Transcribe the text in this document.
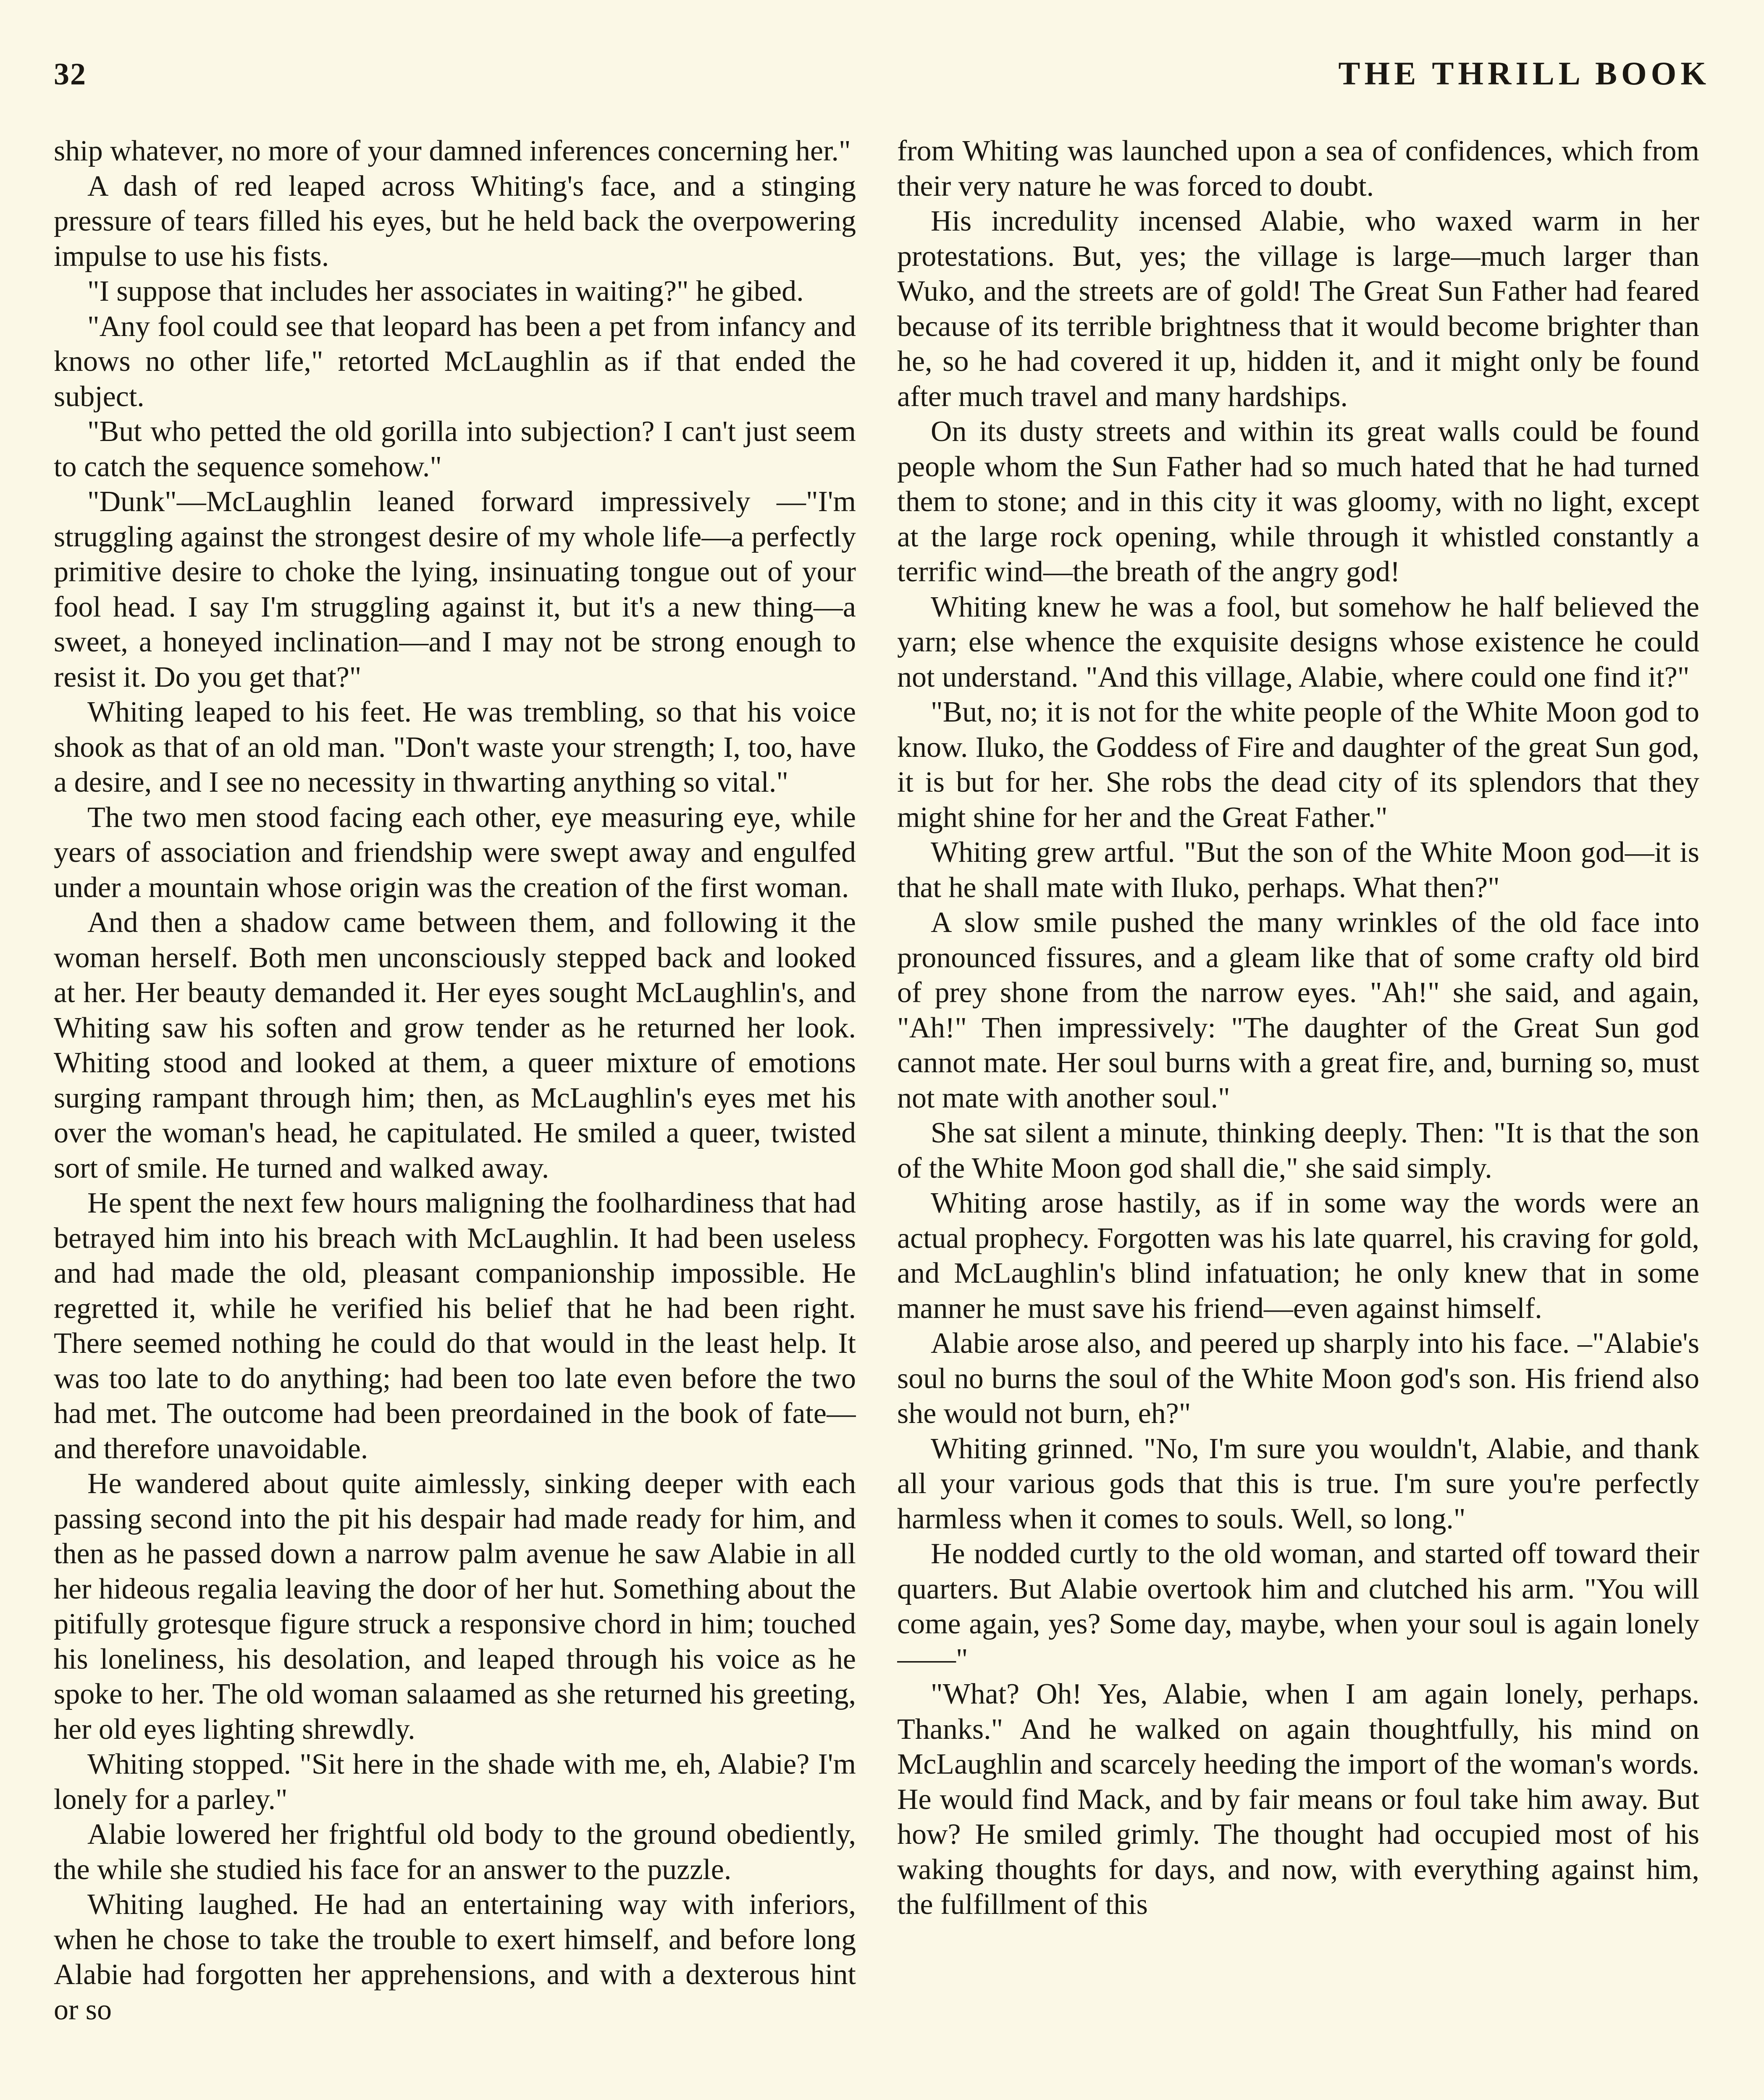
32	THE THRILL BOOK

ship whatever, no more of your damned inferences concerning her."

A dash of red leaped across Whiting's face, and a stinging pressure of tears filled his eyes, but he held back the overpowering impulse to use his fists.

"I suppose that includes her associates in waiting?" he gibed.

"Any fool could see that leopard has been a pet from infancy and knows no other life," retorted McLaughlin as if that ended the subject.

"But who petted the old gorilla into subjection? I can't just seem to catch the sequence somehow."

"Dunk"—McLaughlin leaned forward impressively —"I'm struggling against the strongest desire of my whole life—a perfectly primitive desire to choke the lying, insinuating tongue out of your fool head. I say I'm struggling against it, but it's a new thing—a sweet, a honeyed inclination—and I may not be strong enough to resist it. Do you get that?"

Whiting leaped to his feet. He was trembling, so that his voice shook as that of an old man. "Don't waste your strength; I, too, have a desire, and I see no necessity in thwarting anything so vital."

The two men stood facing each other, eye measuring eye, while years of association and friendship were swept away and engulfed under a mountain whose origin was the creation of the first woman.

And then a shadow came between them, and following it the woman herself. Both men unconsciously stepped back and looked at her. Her beauty demanded it. Her eyes sought McLaughlin's, and Whiting saw his soften and grow tender as he returned her look. Whiting stood and looked at them, a queer mixture of emotions surging rampant through him; then, as McLaughlin's eyes met his over the woman's head, he capitulated. He smiled a queer, twisted sort of smile. He turned and walked away.

He spent the next few hours maligning the foolhardiness that had betrayed him into his breach with McLaughlin. It had been useless and had made the old, pleasant companionship impossible. He regretted it, while he verified his belief that he had been right. There seemed nothing he could do that would in the least help. It was too late to do anything; had been too late even before the two had met. The outcome had been preordained in the book of fate—and therefore unavoidable.

He wandered about quite aimlessly, sinking deeper with each passing second into the pit his despair had made ready for him, and then as he passed down a narrow palm avenue he saw Alabie in all her hideous regalia leaving the door of her hut. Something about the pitifully grotesque figure struck a responsive chord in him; touched his loneliness, his desolation, and leaped through his voice as he spoke to her. The old woman salaamed as she returned his greeting, her old eyes lighting shrewdly.

Whiting stopped. "Sit here in the shade with me, eh, Alabie? I'm lonely for a parley."

Alabie lowered her frightful old body to the ground obediently, the while she studied his face for an answer to the puzzle.

Whiting laughed. He had an entertaining way with inferiors, when he chose to take the trouble to exert himself, and before long Alabie had forgotten her apprehensions, and with a dexterous hint or so

from Whiting was launched upon a sea of confidences, which from their very nature he was forced to doubt.

His incredulity incensed Alabie, who waxed warm in her protestations. But, yes; the village is large—much larger than Wuko, and the streets are of gold! The Great Sun Father had feared because of its terrible brightness that it would become brighter than he, so he had covered it up, hidden it, and it might only be found after much travel and many hardships.

On its dusty streets and within its great walls could be found people whom the Sun Father had so much hated that he had turned them to stone; and in this city it was gloomy, with no light, except at the large rock opening, while through it whistled constantly a terrific wind—the breath of the angry god!

Whiting knew he was a fool, but somehow he half believed the yarn; else whence the exquisite designs whose existence he could not understand. "And this village, Alabie, where could one find it?"

"But, no; it is not for the white people of the White Moon god to know. Iluko, the Goddess of Fire and daughter of the great Sun god, it is but for her. She robs the dead city of its splendors that they might shine for her and the Great Father."

Whiting grew artful. "But the son of the White Moon god—it is that he shall mate with Iluko, perhaps. What then?"

A slow smile pushed the many wrinkles of the old face into pronounced fissures, and a gleam like that of some crafty old bird of prey shone from the narrow eyes. "Ah!" she said, and again, "Ah!" Then impressively: "The daughter of the Great Sun god cannot mate. Her soul burns with a great fire, and, burning so, must not mate with another soul."

She sat silent a minute, thinking deeply. Then: "It is that the son of the White Moon god shall die," she said simply.

Whiting arose hastily, as if in some way the words were an actual prophecy. Forgotten was his late quarrel, his craving for gold, and McLaughlin's blind infatuation; he only knew that in some manner he must save his friend—even against himself.

Alabie arose also, and peered up sharply into his face. –"Alabie's soul no burns the soul of the White Moon god's son. His friend also she would not burn, eh?"

Whiting grinned. "No, I'm sure you wouldn't, Alabie, and thank all your various gods that this is true. I'm sure you're perfectly harmless when it comes to souls. Well, so long."

He nodded curtly to the old woman, and started off toward their quarters. But Alabie overtook him and clutched his arm. "You will come again, yes? Some day, maybe, when your soul is again lonely——"

"What? Oh! Yes, Alabie, when I am again lonely, perhaps. Thanks." And he walked on again thoughtfully, his mind on McLaughlin and scarcely heeding the import of the woman's words. He would find Mack, and by fair means or foul take him away. But how? He smiled grimly. The thought had occupied most of his waking thoughts for days, and now, with everything against him, the fulfillment of this
